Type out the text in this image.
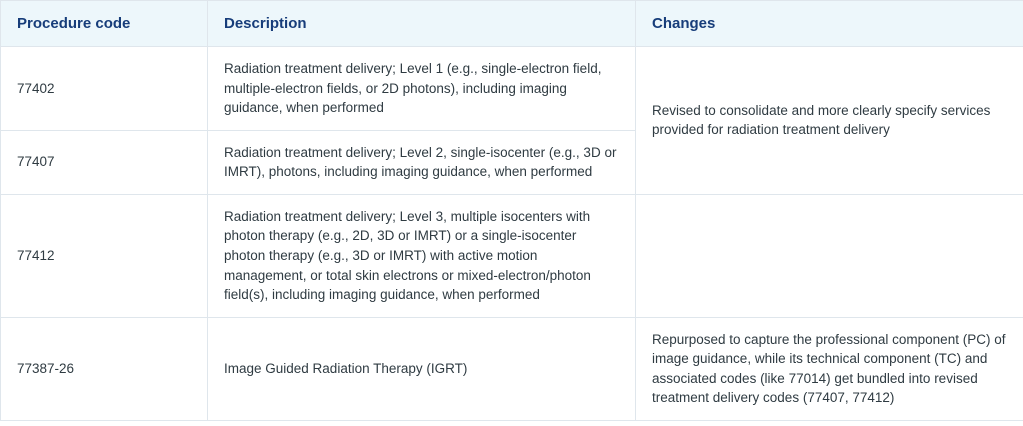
Procedure code	Description	Changes

77402	Radiation treatment delivery; Level 1 (e.g., single-electron field, multiple-electron fields, or 2D photons), including imaging guidance, when performed	Revised to consolidate and more clearly specify services provided for radiation treatment delivery

77407	Radiation treatment delivery; Level 2, single-isocenter (e.g., 3D or IMRT), photons, including imaging guidance, when performed	

77412	Radiation treatment delivery; Level 3, multiple isocenters with photon therapy (e.g., 2D, 3D or IMRT) or a single-isocenter photon therapy (e.g., 3D or IMRT) with active motion management, or total skin electrons or mixed-electron/photon field(s), including imaging guidance, when performed	

77387-26	Image Guided Radiation Therapy (IGRT)	Repurposed to capture the professional component (PC) of image guidance, while its technical component (TC) and associated codes (like 77014) get bundled into revised treatment delivery codes (77407, 77412)
